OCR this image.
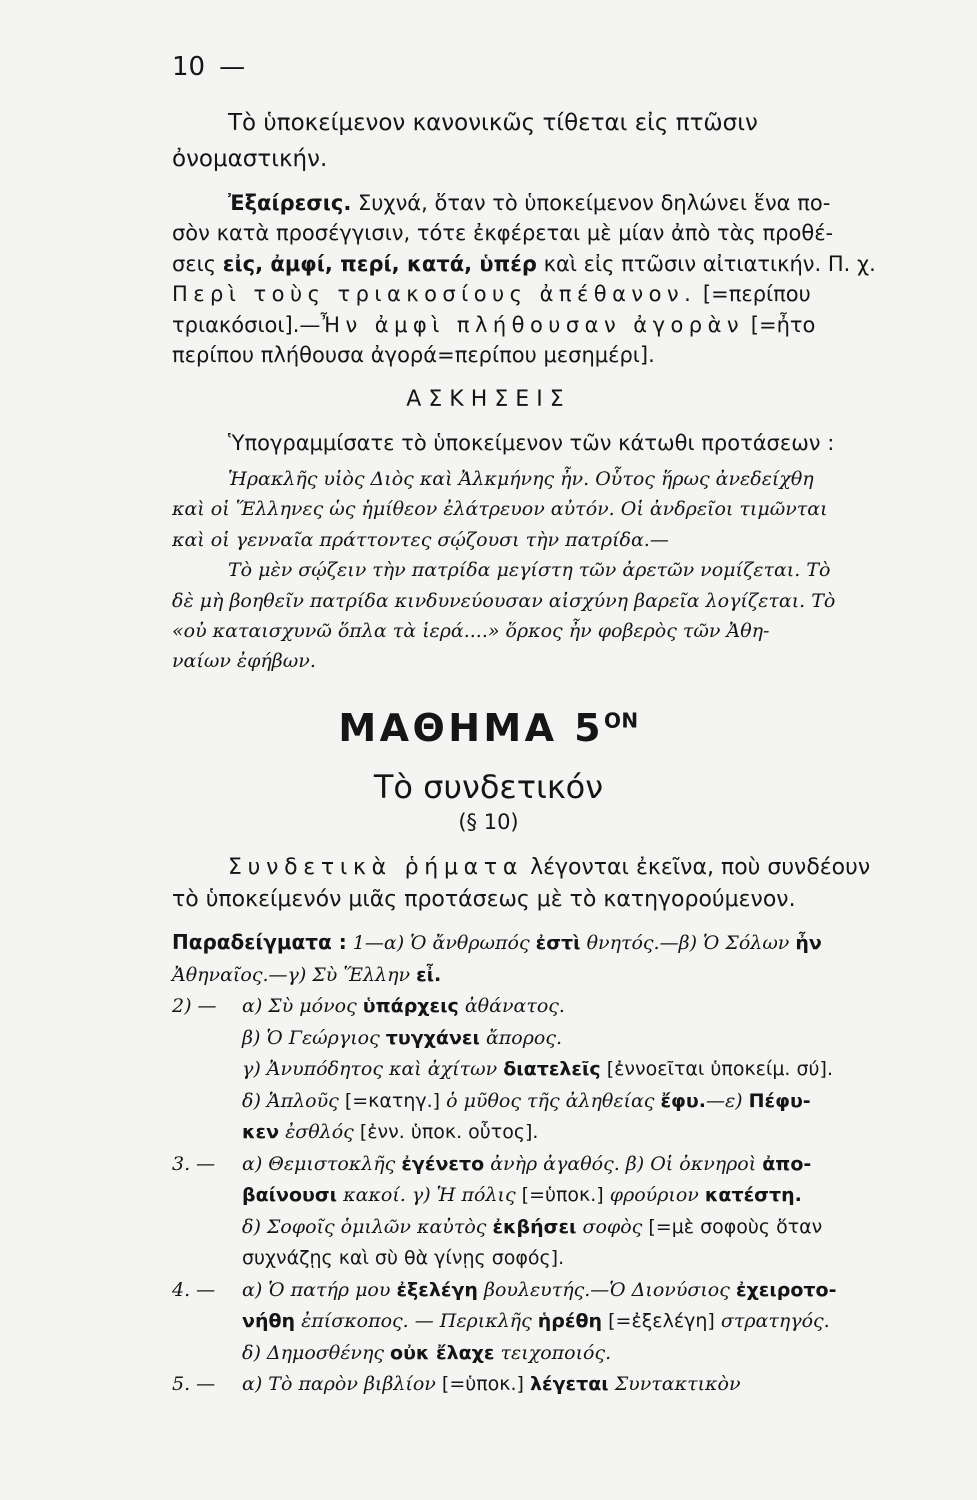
10 —
Τὸ ὑποκείμενον κανονικῶς τίθεται εἰς πτῶσιν
ὀνομαστικήν.
Ἐξαίρεσις. Συχνά, ὅταν τὸ ὑποκείμενον δηλώνει ἕνα πο-
σὸν κατὰ προσέγγισιν, τότε ἐκφέρεται μὲ μίαν ἀπὸ τὰς προθέ-
σεις εἰς, ἀμφί, περί, κατά, ὑπέρ καὶ εἰς πτῶσιν αἰτιατικήν. Π. χ.
Περὶ τοὺς τριακοσίους ἀπέθανον. [=περίπου
τριακόσιοι].—Ἦν ἀμφὶ πλήθουσαν ἀγορὰν [=ἦτο
περίπου πλήθουσα ἀγορά=περίπου μεσημέρι].
ΑΣΚΗΣΕΙΣ
Ὑπογραμμίσατε τὸ ὑποκείμενον τῶν κάτωθι προτάσεων :
Ἡρακλῆς υἱὸς Διὸς καὶ Ἀλκμήνης ἦν. Οὗτος ἥρως ἀνεδείχθη
καὶ οἱ Ἕλληνες ὡς ἡμίθεον ἐλάτρευον αὐτόν. Οἱ ἀνδρεῖοι τιμῶνται
καὶ οἱ γενναῖα πράττοντες σῴζουσι τὴν πατρίδα.—
Τὸ μὲν σῴζειν τὴν πατρίδα μεγίστη τῶν ἀρετῶν νομίζεται. Τὸ
δὲ μὴ βοηθεῖν πατρίδα κινδυνεύουσαν αἰσχύνη βαρεῖα λογίζεται. Τὸ
«οὐ καταισχυνῶ ὅπλα τὰ ἱερά....» ὅρκος ἦν φοβερὸς τῶν Ἀθη-
ναίων ἐφήβων.
ΜΑΘΗΜΑ $5^{ON}$
Τὸ συνδετικόν
(§ 10)
Συνδετικὰ ῥήματα λέγονται ἐκεῖνα, ποὺ συνδέουν
τὸ ὑποκείμενόν μιᾶς προτάσεως μὲ τὸ κατηγορούμενον.
Παραδείγματα : 1—α) Ὁ ἄνθρωπός ἐστὶ θνητός.—β) Ὁ Σόλων ἦν
Ἀθηναῖος.—γ) Σὺ Ἕλλην εἶ.
2) — α) Σὺ μόνος ὑπάρχεις ἀθάνατος.
β) Ὁ Γεώργιος τυγχάνει ἄπορος.
γ) Ἀνυπόδητος καὶ ἀχίτων διατελεῖς [ἐννοεῖται ὑποκείμ. σύ].
δ) Ἁπλοῦς [=κατηγ.] ὁ μῦθος τῆς ἀληθείας ἔφυ.—ε) Πέφυ-
κεν ἐσθλός [ἐνν. ὑποκ. οὗτος].
3. — α) Θεμιστοκλῆς ἐγένετο ἀνὴρ ἀγαθός. β) Οἱ ὀκνηροὶ ἀπο-
βαίνουσι κακοί. γ) Ἡ πόλις [=ὑποκ.] φρούριον κατέστη.
δ) Σοφοῖς ὁμιλῶν καὐτὸς ἐκβήσει σοφὸς [=μὲ σοφοὺς ὅταν
συχνάζῃς καὶ σὺ θὰ γίνῃς σοφός].
4. — α) Ὁ πατήρ μου ἐξελέγη βουλευτής.—Ὁ Διονύσιος ἐχειροτο-
νήθη ἐπίσκοπος. — Περικλῆς ἡρέθη [=ἐξελέγη] στρατηγός.
δ) Δημοσθένης οὐκ ἔλαχε τειχοποιός.
5. — α) Τὸ παρὸν βιβλίον [=ὑποκ.] λέγεται Συντακτικὸν
